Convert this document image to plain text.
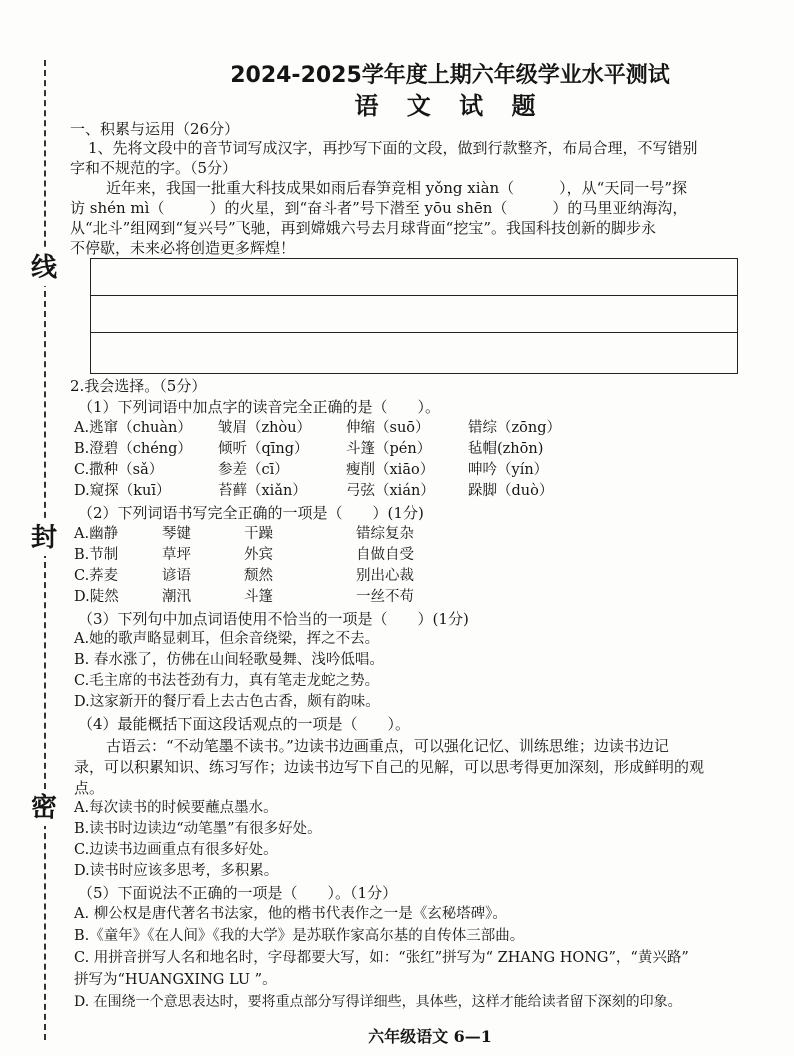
线
封
密
2024-2025学年度上期六年级学业水平测试
语 文 试 题
一、积累与运用（26分）
1、先将文段中的音节词写成汉字，再抄写下面的文段，做到行款整齐，布局合理，不写错别
字和不规范的字。（5分）
近年来，我国一批重大科技成果如雨后春笋竞相 yǒng xiàn（　　　），从“天同一号”探
访 shén mì（　　　）的火星，到“奋斗者”号下潜至 yōu shēn（　　　）的马里亚纳海沟，
从“北斗”组网到“复兴号”飞驰，再到嫦娥六号去月球背面“挖宝”。我国科技创新的脚步永
不停歇，未来必将创造更多辉煌！
2.我会选择。（5分）
（1）下列词语中加点字的读音完全正确的是（　　）。
A.逃窜（chuàn） 皱眉（zhòu） 伸缩（suō）	错综（zōng）
B.澄碧（chéng） 倾听（qīng）	斗篷（pén）	毡帽(zhōn)
C.撒种（sǎ）	参差（cī）	瘦削（xiāo） 呻吟（yín）
D.窥探（kuī）	苔藓（xiǎn）	弓弦（xián） 跺脚（duò）
（2）下列词语书写完全正确的一项是（　　）(1分)
A.幽静	琴键	干躁	错综复杂
B.节制	草坪	外宾	自做自受
C.荞麦	谚语	颓然	别出心裁
D.陡然	潮汛	斗篷	一丝不苟
（3）下列句中加点词语使用不恰当的一项是（　　）(1分)
A.她的歌声略显刺耳，但余音绕梁，挥之不去。
B. 春水涨了，仿佛在山间轻歌曼舞、浅吟低唱。
C.毛主席的书法苍劲有力，真有笔走龙蛇之势。
D.这家新开的餐厅看上去古色古香，颇有韵味。
（4）最能概括下面这段话观点的一项是（　　）。
古语云：“不动笔墨不读书。”边读书边画重点，可以强化记忆、训练思维；边读书边记
录，可以积累知识、练习写作；边读书边写下自己的见解，可以思考得更加深刻，形成鲜明的观
点。
A.每次读书的时候要蘸点墨水。
B.读书时边读边“动笔墨”有很多好处。
C.边读书边画重点有很多好处。
D.读书时应该多思考，多积累。
（5）下面说法不正确的一项是（　　）。（1分）
A. 柳公权是唐代著名书法家，他的楷书代表作之一是《玄秘塔碑》。
B.《童年》《在人间》《我的大学》是苏联作家高尔基的自传体三部曲。
C. 用拼音拼写人名和地名时，字母都要大写，如：“张红”拼写为“ ZHANG HONG”，“黄兴路”
拼写为“HUANGXING LU ”。
D. 在围绕一个意思表达时，要将重点部分写得详细些，具体些，这样才能给读者留下深刻的印象。
六年级语文 6—1
